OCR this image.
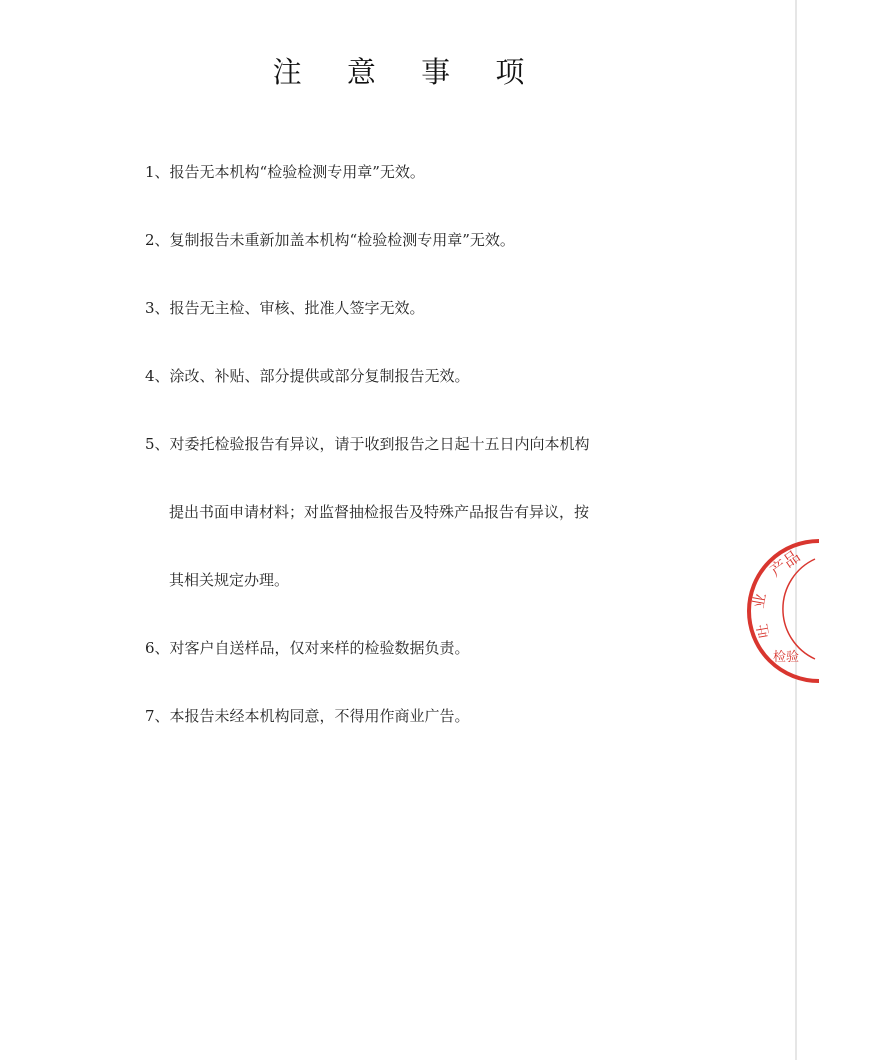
注 意 事 项
1、报告无本机构“检验检测专用章”无效。
2、复制报告未重新加盖本机构“检验检测专用章”无效。
3、报告无主检、审核、批准人签字无效。
4、涂改、补贴、部分提供或部分复制报告无效。
5、对委托检验报告有异议，请于收到报告之日起十五日内向本机构
提出书面申请材料；对监督抽检报告及特殊产品报告有异议，按
其相关规定办理。
6、对客户自送样品，仅对来样的检验数据负责。
7、本报告未经本机构同意，不得用作商业广告。
产品
业
吐
检验
